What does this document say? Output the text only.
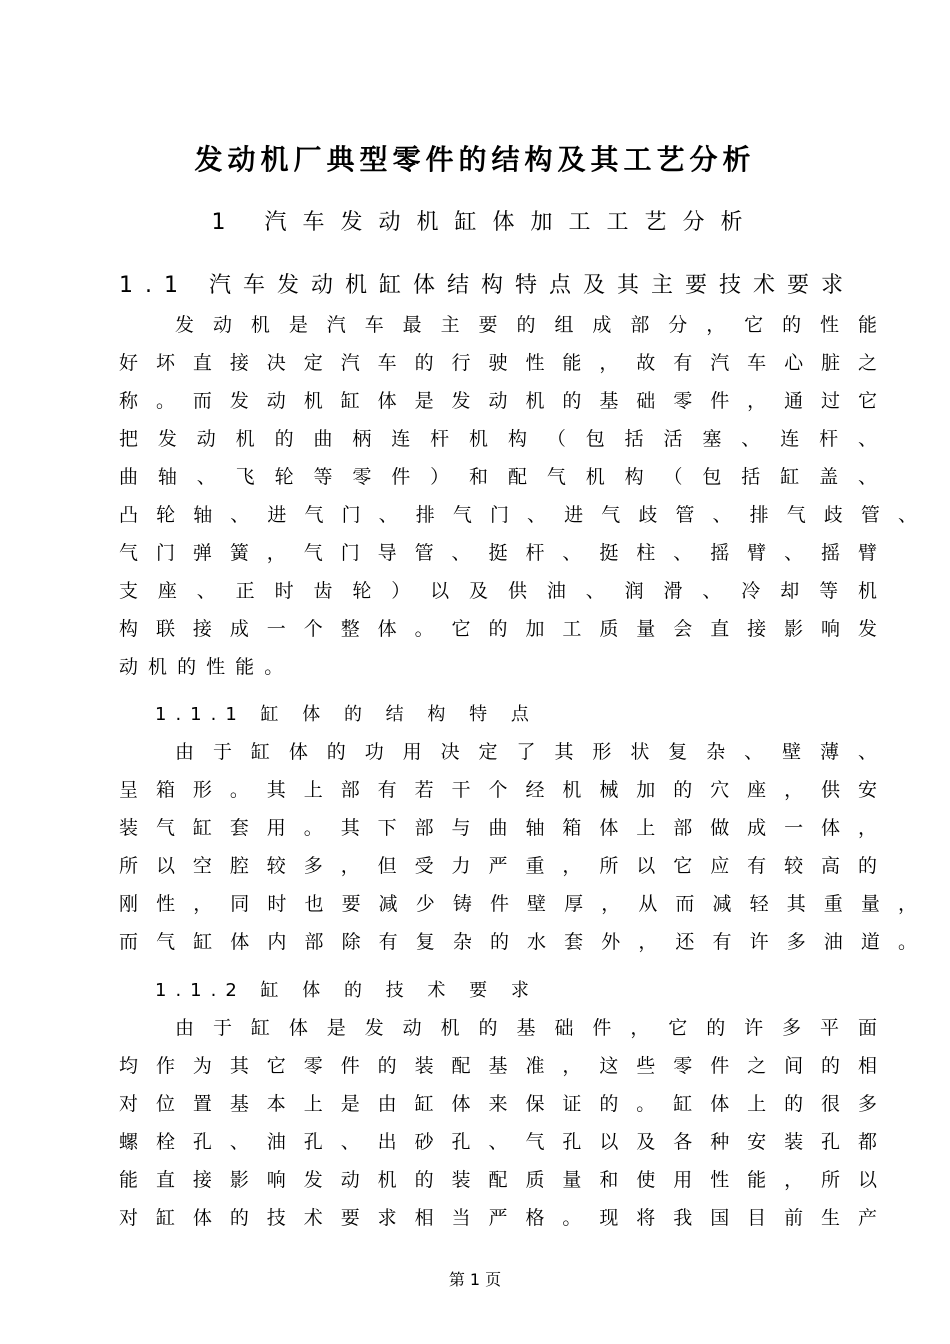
发动机厂典型零件的结构及其工艺分析
1 汽车发动机缸体加工工艺分析
1.1 汽车发动机缸体结构特点及其主要技术要求
发 动 机 是 汽 车 最 主 要 的 组 成 部 分 ， 它 的 性 能
好 坏 直 接 决 定 汽 车 的 行 驶 性 能 ， 故 有 汽 车 心 脏 之
称 。 而 发 动 机 缸 体 是 发 动 机 的 基 础 零 件 ， 通 过 它
把 发 动 机 的 曲 柄 连 杆 机 构 （ 包 括 活 塞 、 连 杆 、
曲 轴 、 飞 轮 等 零 件 ） 和 配 气 机 构 （ 包 括 缸 盖 、
凸 轮 轴 、 进 气 门 、 排 气 门 、 进 气 歧 管 、 排 气 歧 管 、
气 门 弹 簧 ， 气 门 导 管 、 挺 杆 、 挺 柱 、 摇 臂 、 摇 臂
支 座 、 正 时 齿 轮 ） 以 及 供 油 、 润 滑 、 冷 却 等 机
构 联 接 成 一 个 整 体 。 它 的 加 工 质 量 会 直 接 影 响 发
动 机 的 性 能 。
1.1.1 缸 体 的 结 构 特 点
由 于 缸 体 的 功 用 决 定 了 其 形 状 复 杂 、 壁 薄 、
呈 箱 形 。 其 上 部 有 若 干 个 经 机 械 加 的 穴 座 ， 供 安
装 气 缸 套 用 。 其 下 部 与 曲 轴 箱 体 上 部 做 成 一 体 ，
所 以 空 腔 较 多 ， 但 受 力 严 重 ， 所 以 它 应 有 较 高 的
刚 性 ， 同 时 也 要 减 少 铸 件 壁 厚 ， 从 而 减 轻 其 重 量 ，
而 气 缸 体 内 部 除 有 复 杂 的 水 套 外 ， 还 有 许 多 油 道 。
1.1.2 缸 体 的 技 术 要 求
由 于 缸 体 是 发 动 机 的 基 础 件 ， 它 的 许 多 平 面
均 作 为 其 它 零 件 的 装 配 基 准 ， 这 些 零 件 之 间 的 相
对 位 置 基 本 上 是 由 缸 体 来 保 证 的 。 缸 体 上 的 很 多
螺 栓 孔 、 油 孔 、 出 砂 孔 、 气 孔 以 及 各 种 安 装 孔 都
能 直 接 影 响 发 动 机 的 装 配 质 量 和 使 用 性 能 ， 所 以
对 缸 体 的 技 术 要 求 相 当 严 格 。 现 将 我 国 目 前 生 产
第 1 页
